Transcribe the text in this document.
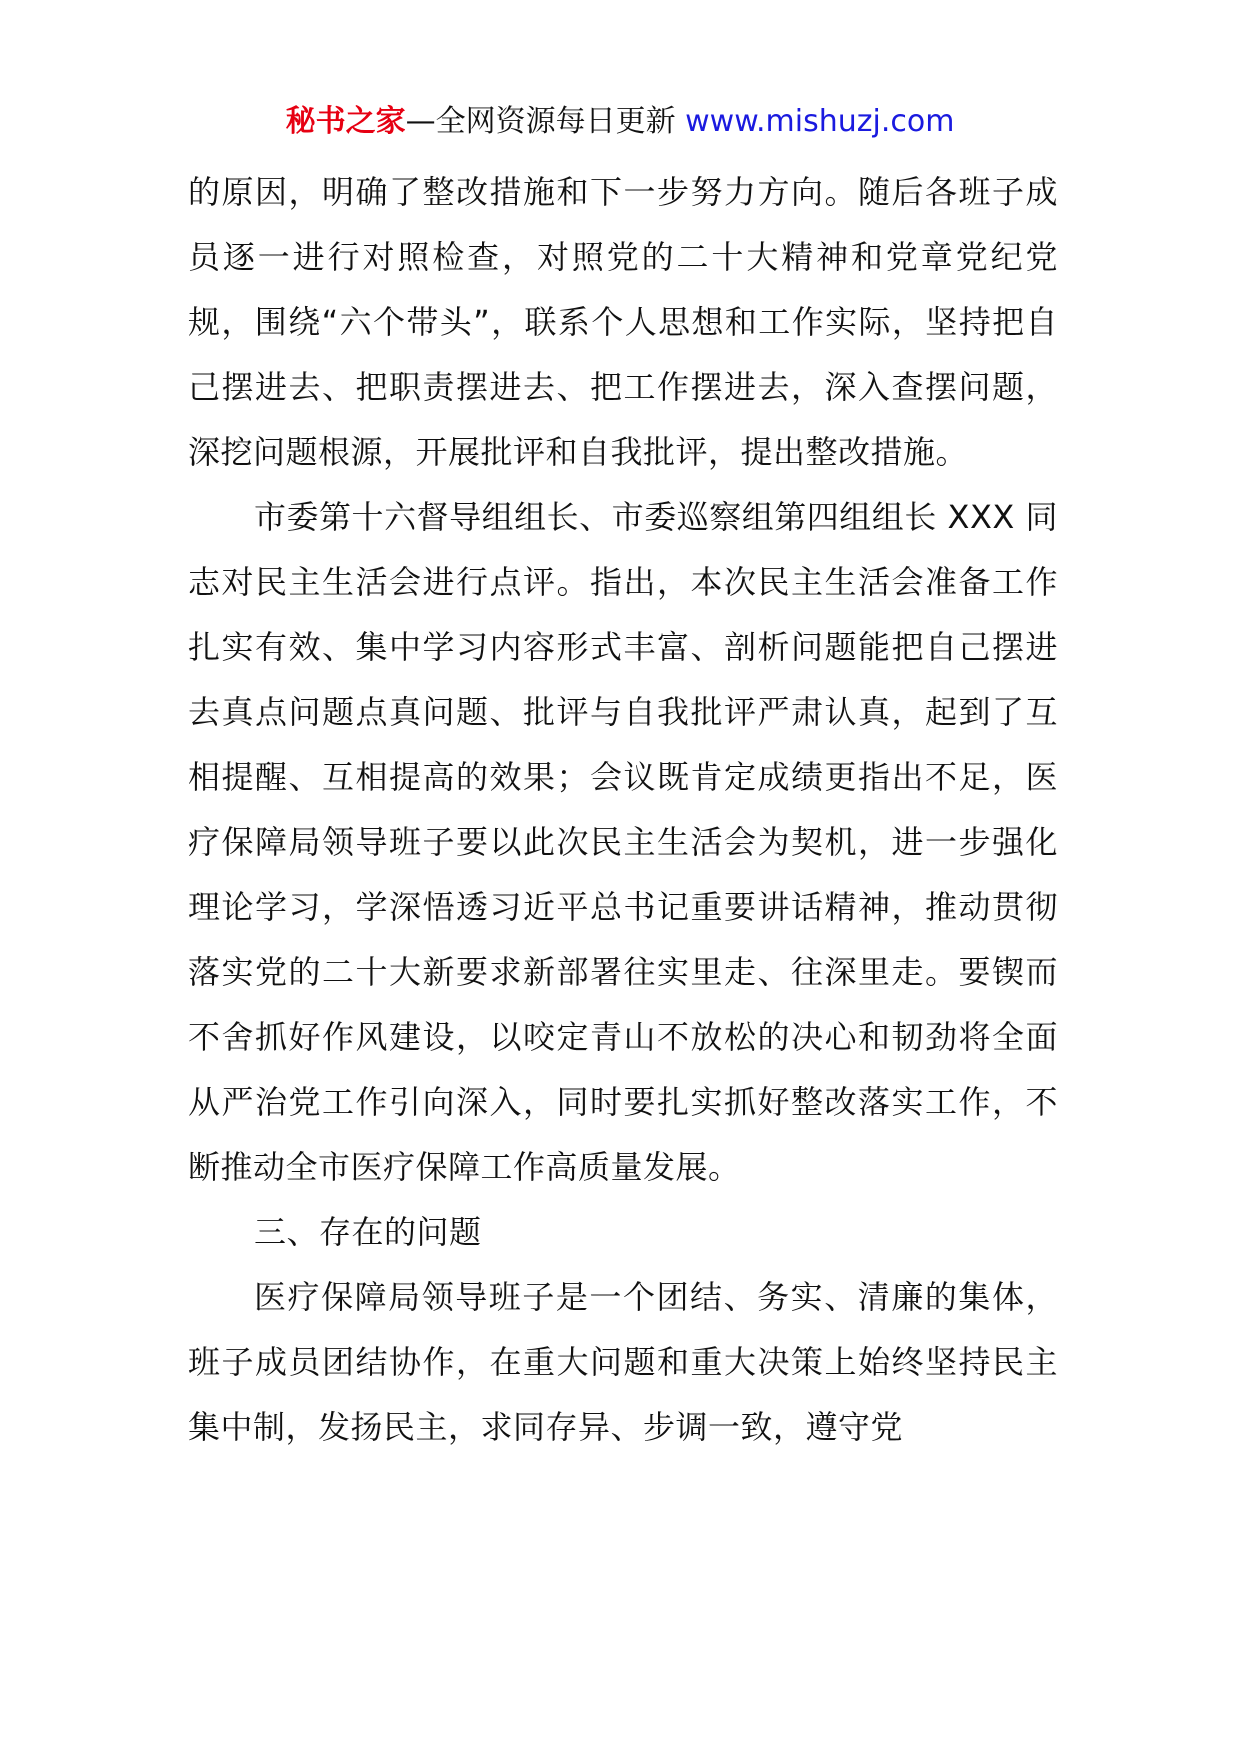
秘书之家—全网资源每日更新 www.mishuzj.com

的原因，明确了整改措施和下一步努力方向。随后各班子成员逐一进行对照检查，对照党的二十大精神和党章党纪党规，围绕“六个带头”，联系个人思想和工作实际，坚持把自己摆进去、把职责摆进去、把工作摆进去，深入查摆问题，深挖问题根源，开展批评和自我批评，提出整改措施。

市委第十六督导组组长、市委巡察组第四组组长 XXX 同志对民主生活会进行点评。指出，本次民主生活会准备工作扎实有效、集中学习内容形式丰富、剖析问题能把自己摆进去真点问题点真问题、批评与自我批评严肃认真，起到了互相提醒、互相提高的效果；会议既肯定成绩更指出不足，医疗保障局领导班子要以此次民主生活会为契机，进一步强化理论学习，学深悟透习近平总书记重要讲话精神，推动贯彻落实党的二十大新要求新部署往实里走、往深里走。要锲而不舍抓好作风建设，以咬定青山不放松的决心和韧劲将全面从严治党工作引向深入，同时要扎实抓好整改落实工作，不断推动全市医疗保障工作高质量发展。

三、存在的问题

医疗保障局领导班子是一个团结、务实、清廉的集体，班子成员团结协作，在重大问题和重大决策上始终坚持民主集中制，发扬民主，求同存异、步调一致，遵守党
